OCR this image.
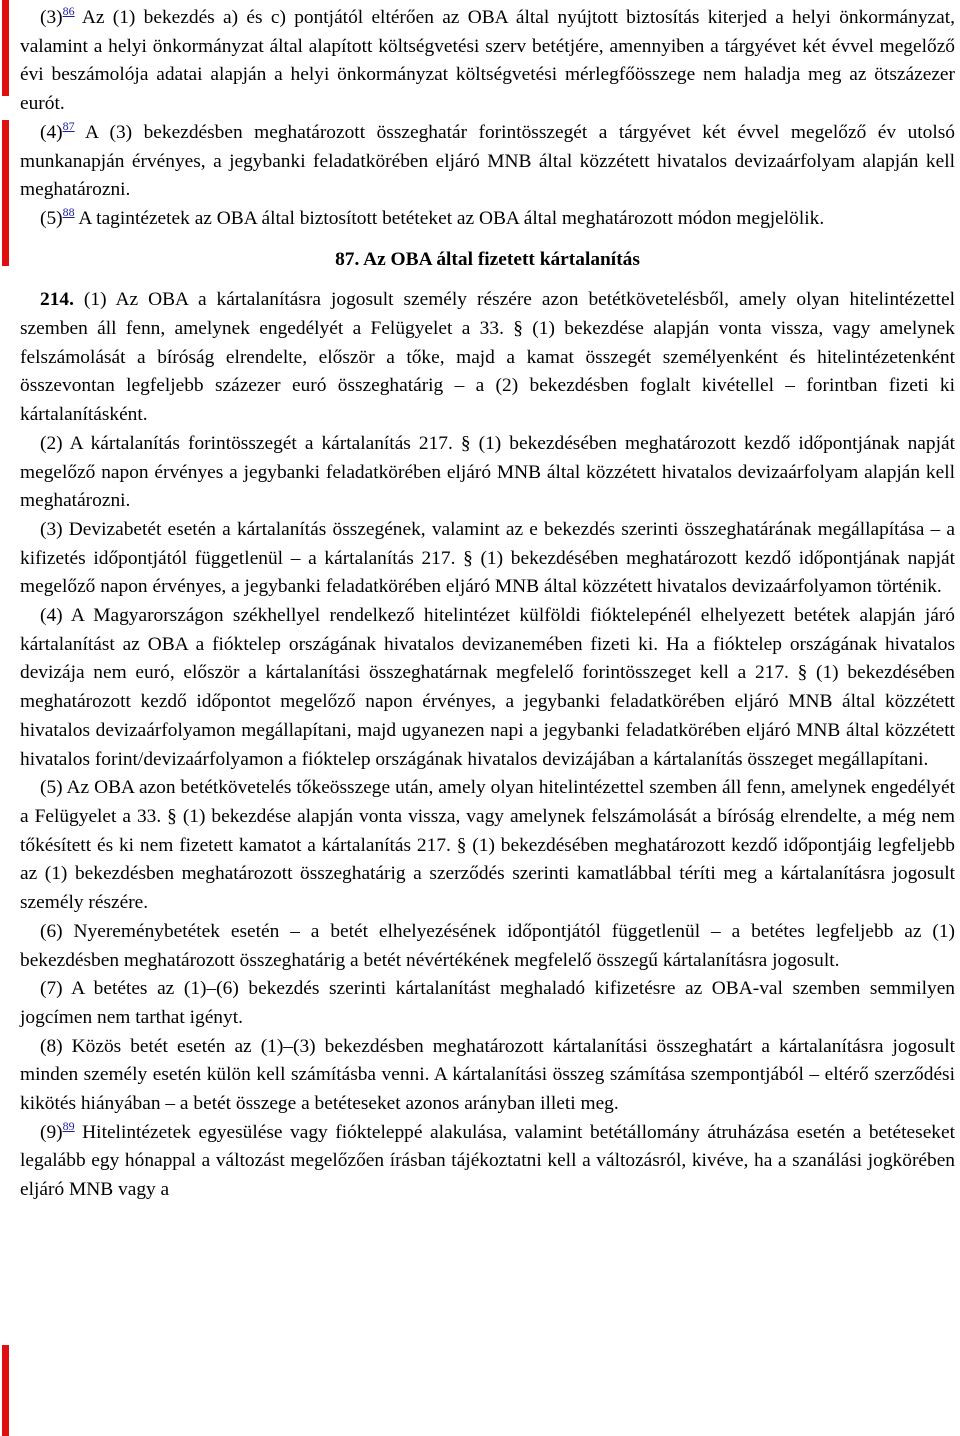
$(3)^{86}$ Az (1) bekezdés a) és c) pontjától eltérően az OBA által nyújtott biztosítás kiterjed a helyi önkormányzat, valamint a helyi önkormányzat által alapított költségvetési szerv betétjére, amennyiben a tárgyévet két évvel megelőző évi beszámolója adatai alapján a helyi önkormányzat költségvetési mérlegfőösszege nem haladja meg az ötszázezer eurót.

$(4)^{87}$ A (3) bekezdésben meghatározott összeghatár forintösszegét a tárgyévet két évvel megelőző év utolsó munkanapján érvényes, a jegybanki feladatkörében eljáró MNB által közzétett hivatalos devizaárfolyam alapján kell meghatározni.

$(5)^{88}$ A tagintézetek az OBA által biztosított betéteket az OBA által meghatározott módon megjelölik.

87. Az OBA által fizetett kártalanítás

214. (1) Az OBA a kártalanításra jogosult személy részére azon betétkövetelésből, amely olyan hitelintézettel szemben áll fenn, amelynek engedélyét a Felügyelet a 33. § (1) bekezdése alapján vonta vissza, vagy amelynek felszámolását a bíróság elrendelte, először a tőke, majd a kamat összegét személyenként és hitelintézetenként összevontan legfeljebb százezer euró összeghatárig – a (2) bekezdésben foglalt kivétellel – forintban fizeti ki kártalanításként.

(2) A kártalanítás forintösszegét a kártalanítás 217. § (1) bekezdésében meghatározott kezdő időpontjának napját megelőző napon érvényes a jegybanki feladatkörében eljáró MNB által közzétett hivatalos devizaárfolyam alapján kell meghatározni.

(3) Devizabetét esetén a kártalanítás összegének, valamint az e bekezdés szerinti összeghatárának megállapítása – a kifizetés időpontjától függetlenül – a kártalanítás 217. § (1) bekezdésében meghatározott kezdő időpontjának napját megelőző napon érvényes, a jegybanki feladatkörében eljáró MNB által közzétett hivatalos devizaárfolyamon történik.

(4) A Magyarországon székhellyel rendelkező hitelintézet külföldi fióktelepénél elhelyezett betétek alapján járó kártalanítást az OBA a fióktelep országának hivatalos devizanemében fizeti ki. Ha a fióktelep országának hivatalos devizája nem euró, először a kártalanítási összeghatárnak megfelelő forintösszeget kell a 217. § (1) bekezdésében meghatározott kezdő időpontot megelőző napon érvényes, a jegybanki feladatkörében eljáró MNB által közzétett hivatalos devizaárfolyamon megállapítani, majd ugyanezen napi a jegybanki feladatkörében eljáró MNB által közzétett hivatalos forint/devizaárfolyamon a fióktelep országának hivatalos devizájában a kártalanítás összeget megállapítani.

(5) Az OBA azon betétkövetelés tőkeösszege után, amely olyan hitelintézettel szemben áll fenn, amelynek engedélyét a Felügyelet a 33. § (1) bekezdése alapján vonta vissza, vagy amelynek felszámolását a bíróság elrendelte, a még nem tőkésített és ki nem fizetett kamatot a kártalanítás 217. § (1) bekezdésében meghatározott kezdő időpontjáig legfeljebb az (1) bekezdésben meghatározott összeghatárig a szerződés szerinti kamatlábbal téríti meg a kártalanításra jogosult személy részére.

(6) Nyereménybetétek esetén – a betét elhelyezésének időpontjától függetlenül – a betétes legfeljebb az (1) bekezdésben meghatározott összeghatárig a betét névértékének megfelelő összegű kártalanításra jogosult.

(7) A betétes az (1)–(6) bekezdés szerinti kártalanítást meghaladó kifizetésre az OBA-val szemben semmilyen jogcímen nem tarthat igényt.

(8) Közös betét esetén az (1)–(3) bekezdésben meghatározott kártalanítási összeghatárt a kártalanításra jogosult minden személy esetén külön kell számításba venni. A kártalanítási összeg számítása szempontjából – eltérő szerződési kikötés hiányában – a betét összege a betéteseket azonos arányban illeti meg.

$(9)^{89}$ Hitelintézetek egyesülése vagy fiókteleppé alakulása, valamint betétállomány átruházása esetén a betéteseket legalább egy hónappal a változást megelőzően írásban tájékoztatni kell a változásról, kivéve, ha a szanálási jogkörében eljáró MNB vagy a
